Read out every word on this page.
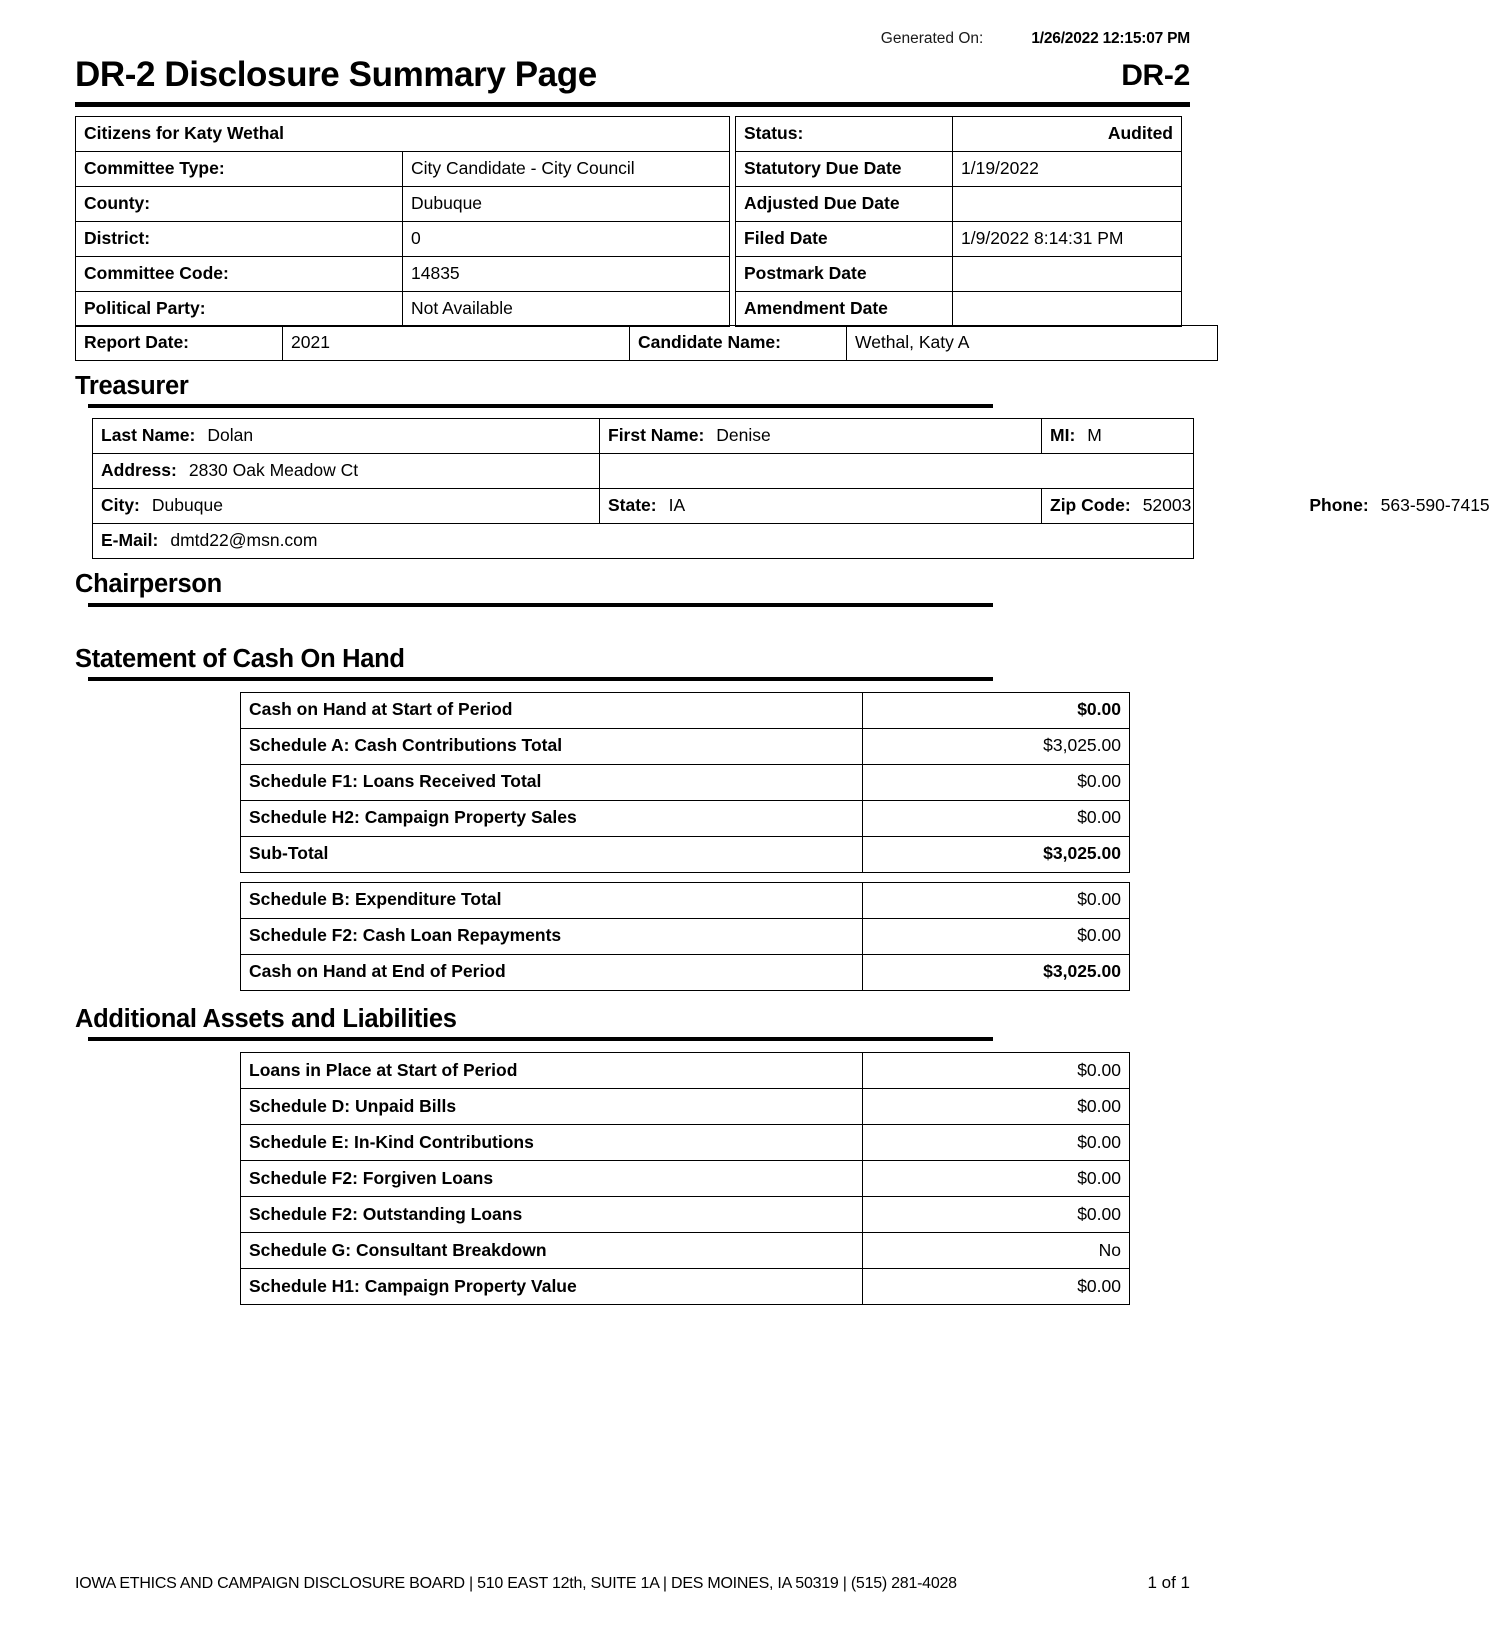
Generated On:	1/26/2022 12:15:07 PM
DR-2 Disclosure Summary Page	DR-2
Citizens for Katy Wethal	
Committee Type:	City Candidate - City Council
County:	Dubuque
District:	0
Committee Code:	14835
Political Party:	Not Available
Status:	Audited
Statutory Due Date	1/19/2022
Adjusted Due Date	
Filed Date	1/9/2022 8:14:31 PM
Postmark Date	
Amendment Date	
Report Date:	2021	Candidate Name:	Wethal, Katy A
Treasurer
Last Name: Dolan	First Name: Denise	MI: M

Address: 2830 Oak Meadow Ct		

City: Dubuque	State: IA	Zip Code: 52003 Phone: 563-590-7415

E-Mail: dmtd22@msn.com		
Chairperson
Statement of Cash On Hand
Cash on Hand at Start of Period	$0.00
Schedule A: Cash Contributions Total	$3,025.00
Schedule F1: Loans Received Total	$0.00
Schedule H2: Campaign Property Sales	$0.00
Sub-Total	$3,025.00

Schedule B: Expenditure Total	$0.00
Schedule F2: Cash Loan Repayments	$0.00
Cash on Hand at End of Period	$3,025.00
Additional Assets and Liabilities
Loans in Place at Start of Period	$0.00
Schedule D: Unpaid Bills	$0.00
Schedule E: In-Kind Contributions	$0.00
Schedule F2: Forgiven Loans	$0.00
Schedule F2: Outstanding Loans	$0.00
Schedule G: Consultant Breakdown	No
Schedule H1: Campaign Property Value	$0.00
IOWA ETHICS AND CAMPAIGN DISCLOSURE BOARD | 510 EAST 12th, SUITE 1A | DES MOINES, IA 50319 | (515) 281-4028	1 of 1
